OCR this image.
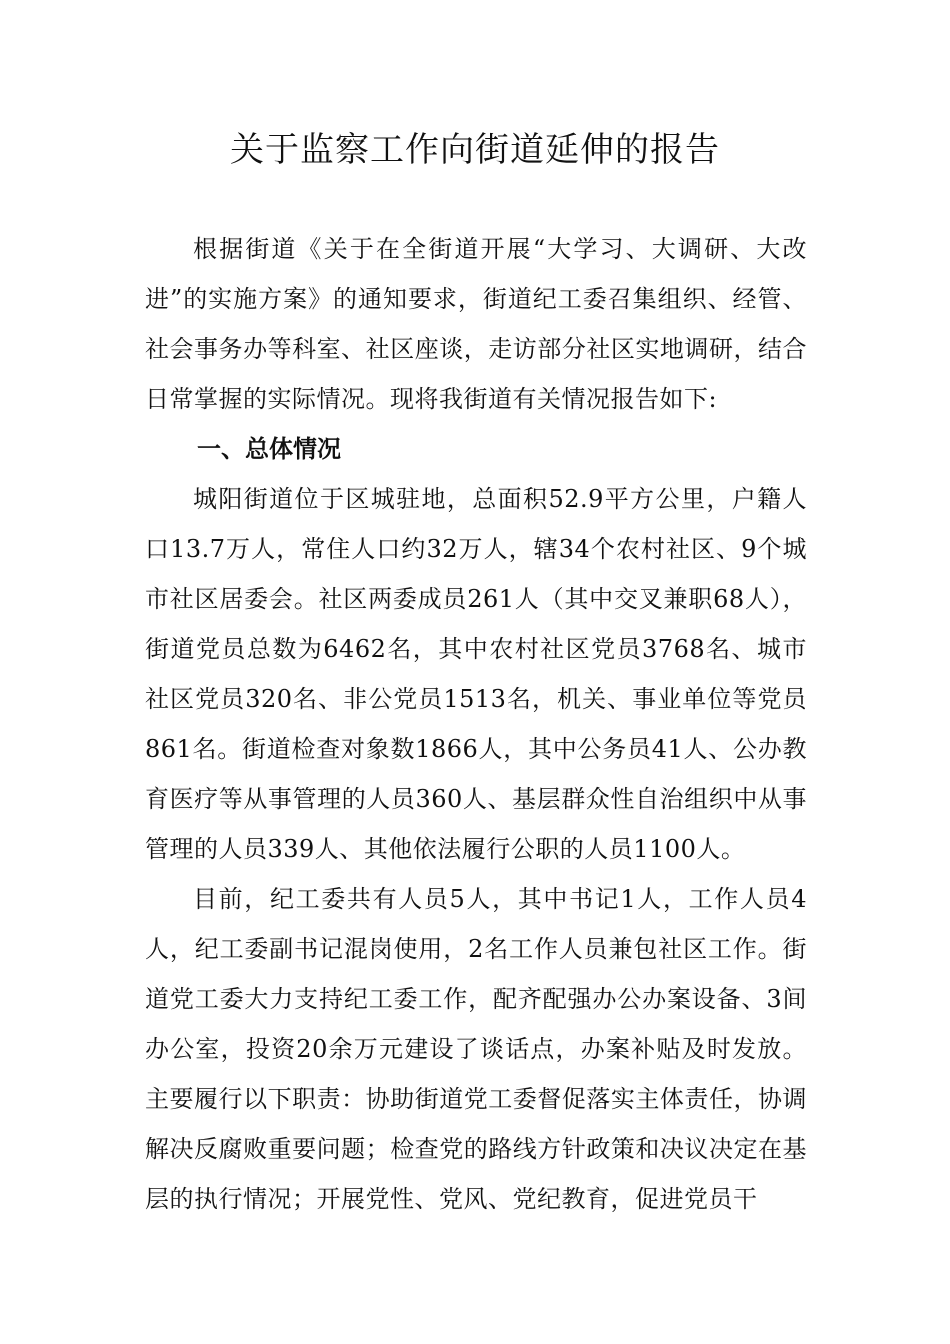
关于监察工作向街道延伸的报告

根据街道《关于在全街道开展“大学习、大调研、大改进”的实施方案》的通知要求，街道纪工委召集组织、经管、社会事务办等科室、社区座谈，走访部分社区实地调研，结合日常掌握的实际情况。现将我街道有关情况报告如下:

一、总体情况

城阳街道位于区城驻地，总面积52.9平方公里，户籍人口13.7万人，常住人口约32万人，辖34个农村社区、9个城市社区居委会。社区两委成员261人（其中交叉兼职68人），街道党员总数为6462名，其中农村社区党员3768名、城市社区党员320名、非公党员1513名，机关、事业单位等党员861名。街道检查对象数1866人，其中公务员41人、公办教育医疗等从事管理的人员360人、基层群众性自治组织中从事管理的人员339人、其他依法履行公职的人员1100人。

目前，纪工委共有人员5人，其中书记1人，工作人员4人，纪工委副书记混岗使用，2名工作人员兼包社区工作。街道党工委大力支持纪工委工作，配齐配强办公办案设备、3间办公室，投资20余万元建设了谈话点，办案补贴及时发放。主要履行以下职责：协助街道党工委督促落实主体责任，协调解决反腐败重要问题；检查党的路线方针政策和决议决定在基层的执行情况；开展党性、党风、党纪教育，促进党员干
